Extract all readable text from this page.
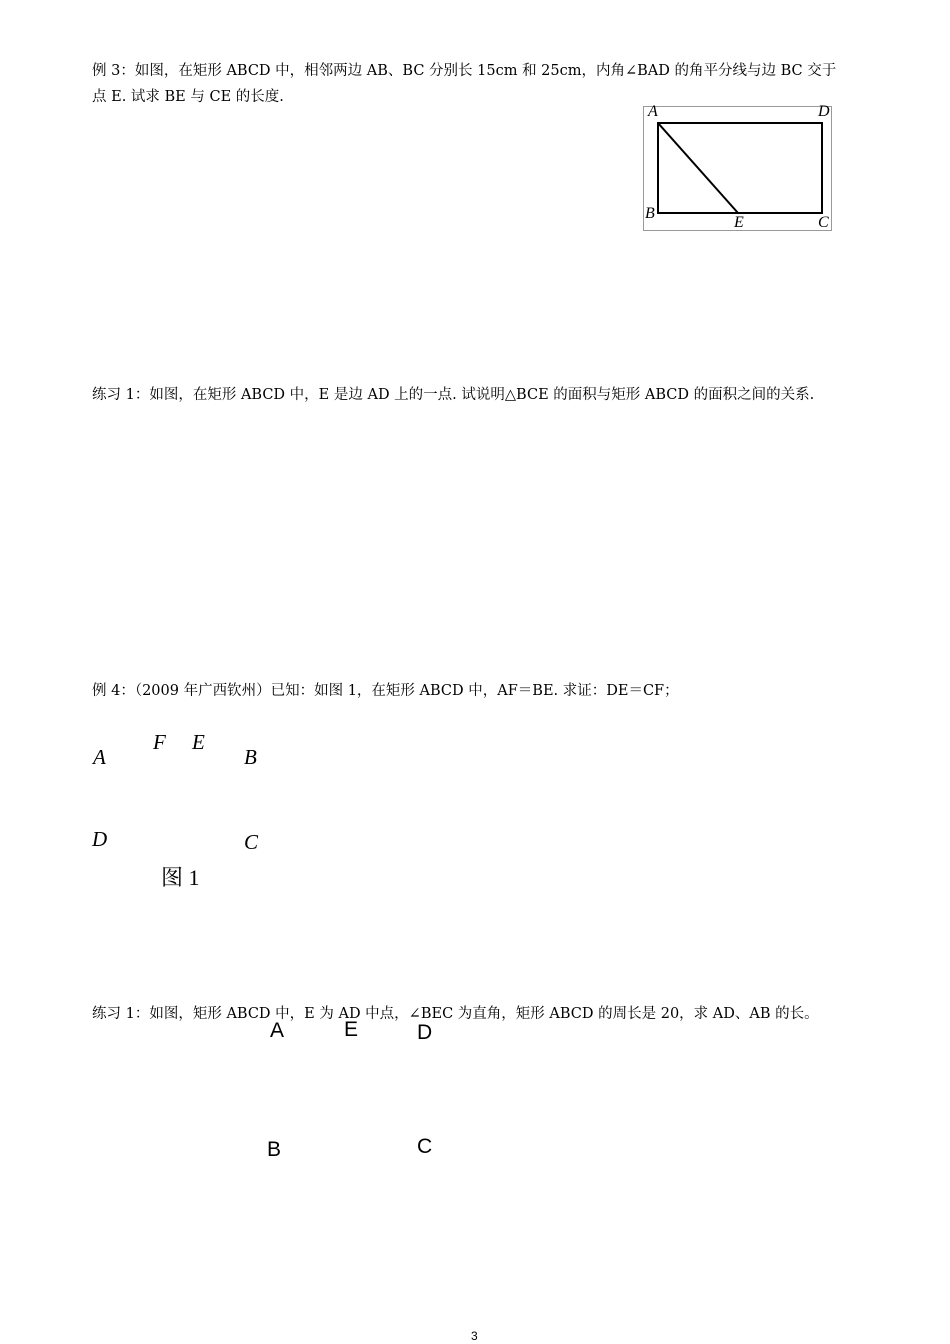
例 3：如图，在矩形 ABCD 中，相邻两边 AB、BC 分别长 15cm 和 25cm，内角∠BAD 的角平分线与边 BC 交于
点 E. 试求 BE 与 CE 的长度.
A	D
B
E	C
练习 1：如图，在矩形 ABCD 中，E 是边 AD 上的一点. 试说明△BCE 的面积与矩形 ABCD 的面积之间的关系.
例 4：（2009 年广西钦州）已知：如图 1，在矩形 ABCD 中，AF＝BE. 求证：DE＝CF；
A
F E
B
D	C
图 1
练习 1：如图，矩形 ABCD 中，E 为 AD 中点，∠BEC 为直角，矩形 ABCD 的周长是 20，求 AD、AB 的长。
A	E	D
B	C
3
